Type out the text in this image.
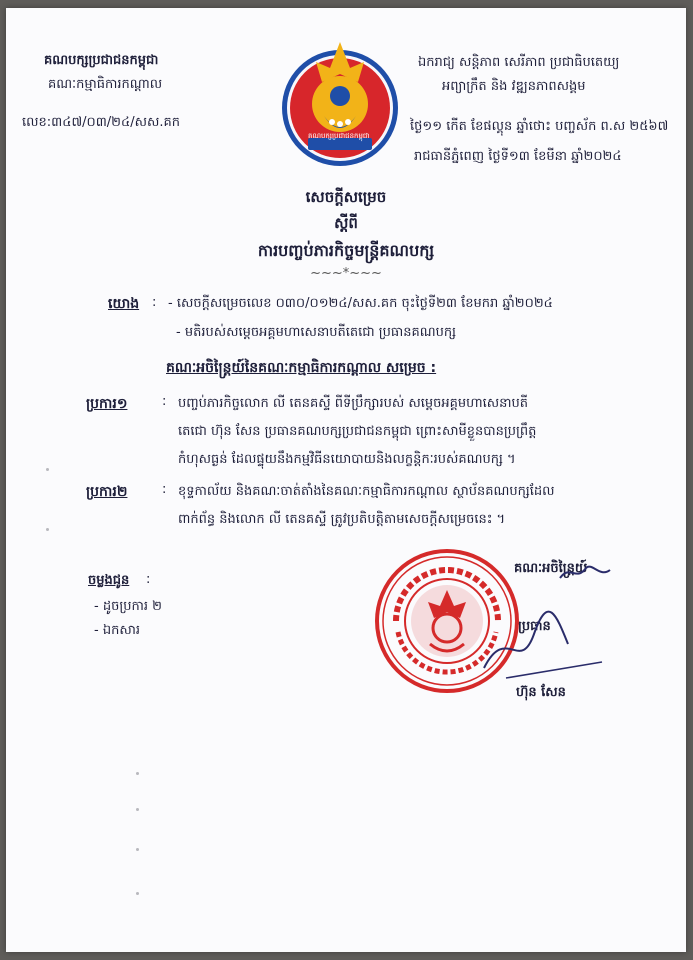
គណបក្សប្រជាជនកម្ពុជា
គណៈកម្មាធិការកណ្តាល
លេខ:៣៤៧/០៣/២៤/សស.គក
គណបក្សប្រជាជនកម្ពុជា
ឯករាជ្យ សន្តិភាព សេរីភាព ប្រជាធិបតេយ្យ
អព្យាក្រឹត និង វឌ្ឍនភាពសង្គម
ថ្ងៃ១១ កើត ខែផល្គុន ឆ្នាំថោះ បញ្ចស័ក ព.ស ២៥៦៧
រាជធានីភ្នំពេញ ថ្ងៃទី១៣ ខែមីនា ឆ្នាំ២០២៤
សេចក្តីសម្រេច
ស្តីពី
ការបញ្ចប់ភារកិច្ចមន្រ្តីគណបក្ស
~~~*~~~
យោង : - សេចក្តីសម្រេចលេខ ០៣០/០១២៤/សស.គក ចុះថ្ងៃទី២៣ ខែមករា ឆ្នាំ២០២៤
- មតិរបស់សម្តេចអគ្គមហាសេនាបតីតេជោ ប្រធានគណបក្ស
គណៈអចិន្ត្រៃយ៍នៃគណៈកម្មាធិការកណ្តាល សម្រេច :
ប្រការ១	: បញ្ចប់ភារកិច្ចលោក លី តេនគស្ទី ពីទីប្រឹក្សារបស់ សម្តេចអគ្គមហាសេនាបតី
តេជោ ហ៊ុន សែន ប្រធានគណបក្សប្រជាជនកម្ពុជា ព្រោះសាមីខ្លួនបានប្រព្រឹត្ត
កំហុសធ្ងន់ ដែលផ្ទុយនឹងកម្មវិធីនយោបាយនិងលក្ខន្តិកៈរបស់គណបក្ស ។
ប្រការ២	: ខុទ្ទកាល័យ និងគណៈចាត់តាំងនៃគណៈកម្មាធិការកណ្តាល ស្ថាប័នគណបក្សដែល
ពាក់ព័ន្ធ និងលោក លី តេនគស្ទី ត្រូវប្រតិបត្តិតាមសេចក្តីសម្រេចនេះ ។
គណៈអចិន្ត្រៃយ៍
ប្រធាន
ហ៊ុន សែន
ចម្លងជូន :
- ដូចប្រការ ២
- ឯកសារ
